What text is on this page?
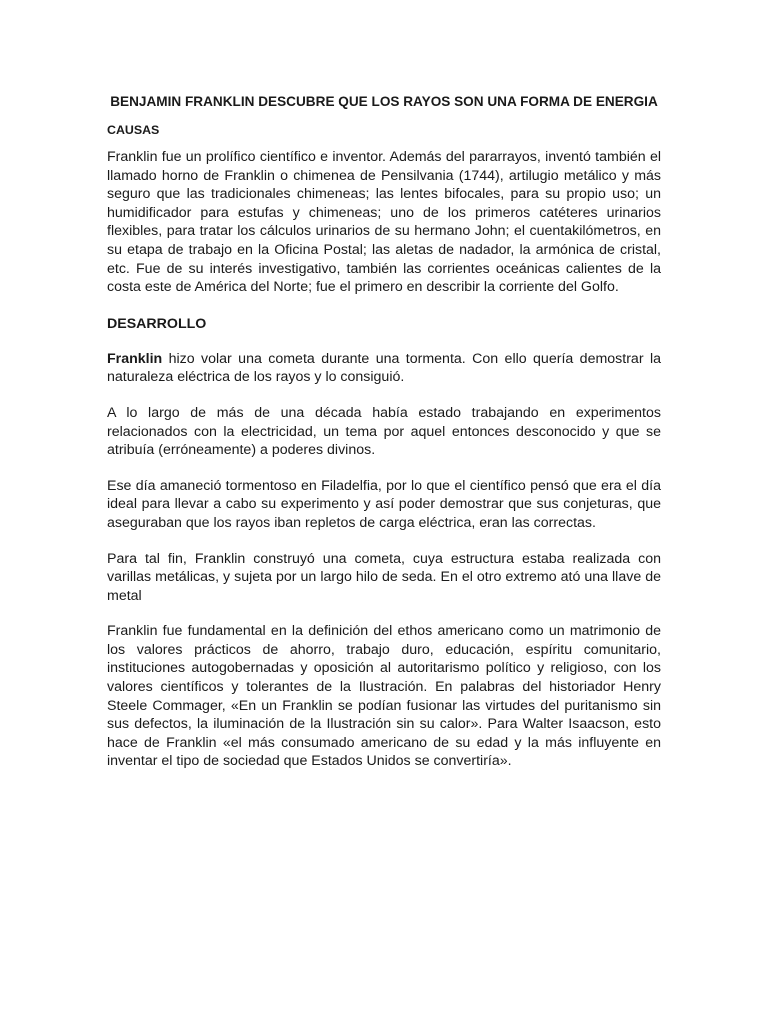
BENJAMIN FRANKLIN DESCUBRE QUE LOS RAYOS SON UNA FORMA DE ENERGIA
CAUSAS

Franklin fue un prolífico científico e inventor. Además del pararrayos, inventó también el llamado horno de Franklin o chimenea de Pensilvania (1744), artilugio metálico y más seguro que las tradicionales chimeneas; las lentes bifocales, para su propio uso; un humidificador para estufas y chimeneas; uno de los primeros catéteres urinarios flexibles, para tratar los cálculos urinarios de su hermano John; el cuentakilómetros, en su etapa de trabajo en la Oficina Postal; las aletas de nadador, la armónica de cristal, etc. Fue de su interés investigativo, también las corrientes oceánicas calientes de la costa este de América del Norte; fue el primero en describir la corriente del Golfo.

DESARROLLO

Franklin hizo volar una cometa durante una tormenta. Con ello quería demostrar la naturaleza eléctrica de los rayos y lo consiguió.

A lo largo de más de una década había estado trabajando en experimentos relacionados con la electricidad, un tema por aquel entonces desconocido y que se atribuía (erróneamente) a poderes divinos.

Ese día amaneció tormentoso en Filadelfia, por lo que el científico pensó que era el día ideal para llevar a cabo su experimento y así poder demostrar que sus conjeturas, que aseguraban que los rayos iban repletos de carga eléctrica, eran las correctas.

Para tal fin, Franklin construyó una cometa, cuya estructura estaba realizada con varillas metálicas, y sujeta por un largo hilo de seda. En el otro extremo ató una llave de metal

Franklin fue fundamental en la definición del ethos americano como un matrimonio de los valores prácticos de ahorro, trabajo duro, educación, espíritu comunitario, instituciones autogobernadas y oposición al autoritarismo político y religioso, con los valores científicos y tolerantes de la Ilustración. En palabras del historiador Henry Steele Commager, «En un Franklin se podían fusionar las virtudes del puritanismo sin sus defectos, la iluminación de la Ilustración sin su calor». Para Walter Isaacson, esto hace de Franklin «el más consumado americano de su edad y la más influyente en inventar el tipo de sociedad que Estados Unidos se convertiría».
